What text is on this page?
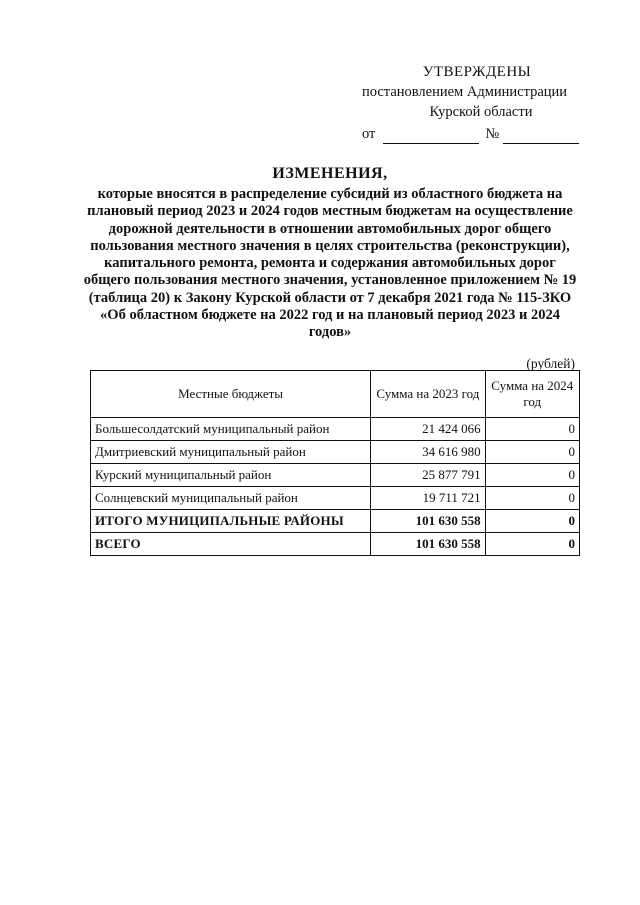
УТВЕРЖДЕНЫ
постановлением Администрации
Курской области
от	№
ИЗМЕНЕНИЯ,
которые вносятся в распределение субсидий из областного бюджета на плановый период 2023 и 2024 годов местным бюджетам на осуществление дорожной деятельности в отношении автомобильных дорог общего пользования местного значения в целях строительства (реконструкции), капитального ремонта, ремонта и содержания автомобильных дорог общего пользования местного значения, установленное приложением № 19 (таблица 20) к Закону Курской области от 7 декабря 2021 года № 115-ЗКО «Об областном бюджете на 2022 год и на плановый период 2023 и 2024 годов»
(рублей)
Местные бюджеты	Сумма на 2023 год	Сумма на 2024 год
Большесолдатский муниципальный район	21 424 066	0
Дмитриевский муниципальный район	34 616 980	0
Курский муниципальный район	25 877 791	0
Солнцевский муниципальный район	19 711 721	0
ИТОГО МУНИЦИПАЛЬНЫЕ РАЙОНЫ	101 630 558	0
ВСЕГО	101 630 558	0
